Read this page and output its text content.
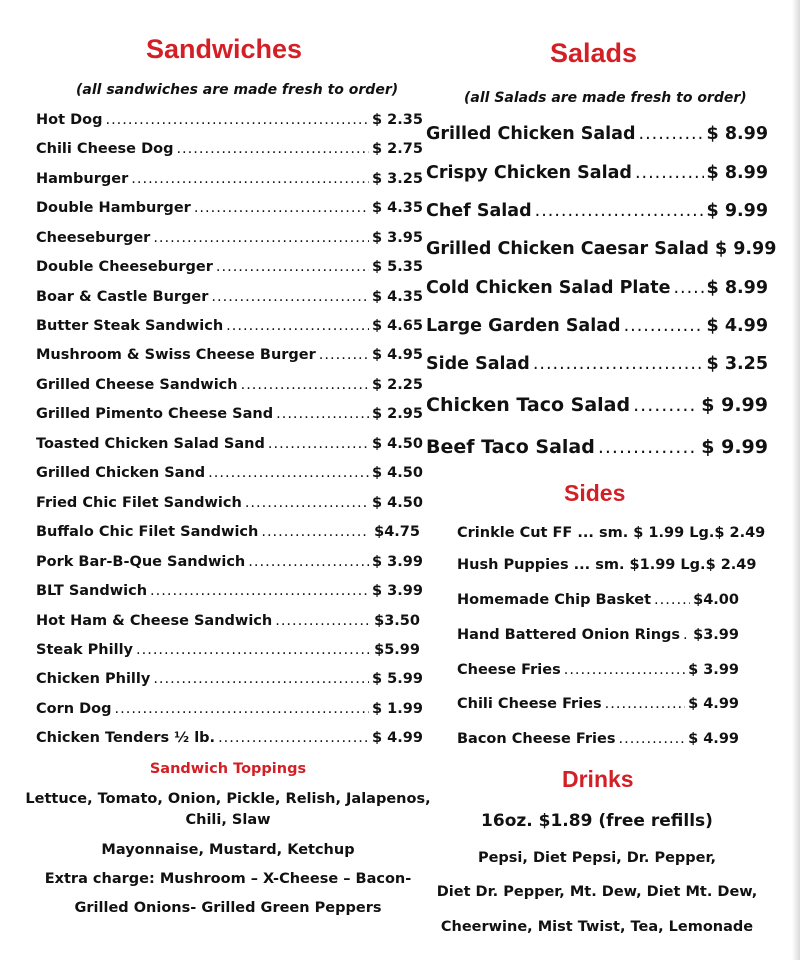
Sandwiches
(all sandwiches are made fresh to order)
Hot Dog .....	$ 2.35
Chili Cheese Dog .....	$ 2.75
Hamburger .....	$ 3.25
Double Hamburger .....	$ 4.35
Cheeseburger .....	$ 3.95
Double Cheeseburger .....	$ 5.35
Boar & Castle Burger .....	$ 4.35
Butter Steak Sandwich .....	$ 4.65
Mushroom & Swiss Cheese Burger .....	$ 4.95
Grilled Cheese Sandwich .....	$ 2.25
Grilled Pimento Cheese Sand .....	$ 2.95
Toasted Chicken Salad Sand .....	$ 4.50
Grilled Chicken Sand .....	$ 4.50
Fried Chic Filet Sandwich .....	$ 4.50
Buffalo Chic Filet Sandwich .....	$4.75
Pork Bar-B-Que Sandwich .....	$ 3.99
BLT Sandwich .....	$ 3.99
Hot Ham & Cheese Sandwich .....	$3.50
Steak Philly .....	$5.99
Chicken Philly .....	$ 5.99
Corn Dog .....	$ 1.99
Chicken Tenders ½ lb. .....	$ 4.99
Sandwich Toppings
Lettuce, Tomato, Onion, Pickle, Relish, Jalapenos,
Chili, Slaw
Mayonnaise, Mustard, Ketchup
Extra charge: Mushroom – X-Cheese – Bacon-
Grilled Onions- Grilled Green Peppers
Salads
(all Salads are made fresh to order)
Grilled Chicken Salad .....	$ 8.99
Crispy Chicken Salad .....	$ 8.99
Chef Salad .....	$ 9.99
Grilled Chicken Caesar Salad $ 9.99
Cold Chicken Salad Plate ..... $ 8.99
Large Garden Salad .....	$ 4.99
Side Salad .....	$ 3.25
Chicken Taco Salad .....	$ 9.99
Beef Taco Salad .....	$ 9.99
Sides
Crinkle Cut FF ... sm. $ 1.99 Lg. $ 2.49
Hush Puppies ... sm. $1.99 Lg. $ 2.49
Homemade Chip Basket .....	$4.00
Hand Battered Onion Rings ..... $3.99
Cheese Fries .....	$ 3.99
Chili Cheese Fries .....	$ 4.99
Bacon Cheese Fries .....	$ 4.99
Drinks
16oz. $1.89 (free refills)
Pepsi, Diet Pepsi, Dr. Pepper,
Diet Dr. Pepper, Mt. Dew, Diet Mt. Dew,
Cheerwine, Mist Twist, Tea, Lemonade
